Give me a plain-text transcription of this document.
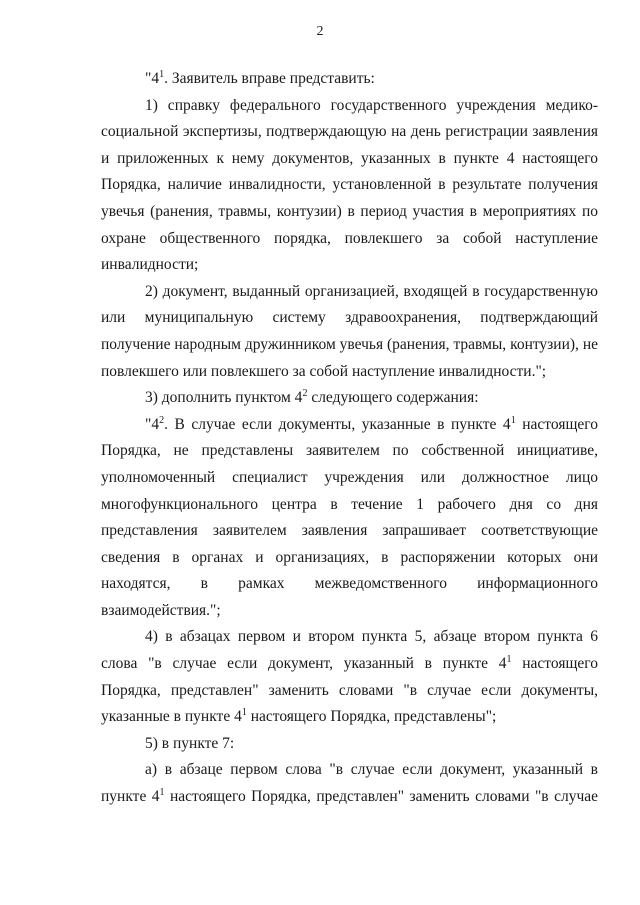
2

"$4^1$. Заявитель вправе представить:

1) справку федерального государственного учреждения медико-социальной экспертизы, подтверждающую на день регистрации заявления и приложенных к нему документов, указанных в пункте 4 настоящего Порядка, наличие инвалидности, установленной в результате получения увечья (ранения, травмы, контузии) в период участия в мероприятиях по охране общественного порядка, повлекшего за собой наступление инвалидности;

2) документ, выданный организацией, входящей в государственную или муниципальную систему здравоохранения, подтверждающий получение народным дружинником увечья (ранения, травмы, контузии), не повлекшего или повлекшего за собой наступление инвалидности.";

3) дополнить пунктом $4^2$ следующего содержания:

"$4^2$. В случае если документы, указанные в пункте $4^1$ настоящего Порядка, не представлены заявителем по собственной инициативе, уполномоченный специалист учреждения или должностное лицо многофункционального центра в течение 1 рабочего дня со дня представления заявителем заявления запрашивает соответствующие сведения в органах и организациях, в распоряжении которых они находятся, в рамках межведомственного информационного взаимодействия.";

4) в абзацах первом и втором пункта 5, абзаце втором пункта 6 слова "в случае если документ, указанный в пункте $4^1$ настоящего Порядка, представлен" заменить словами "в случае если документы, указанные в пункте $4^1$ настоящего Порядка, представлены";

5) в пункте 7:

а) в абзаце первом слова "в случае если документ, указанный в пункте $4^1$ настоящего Порядка, представлен" заменить словами "в случае
